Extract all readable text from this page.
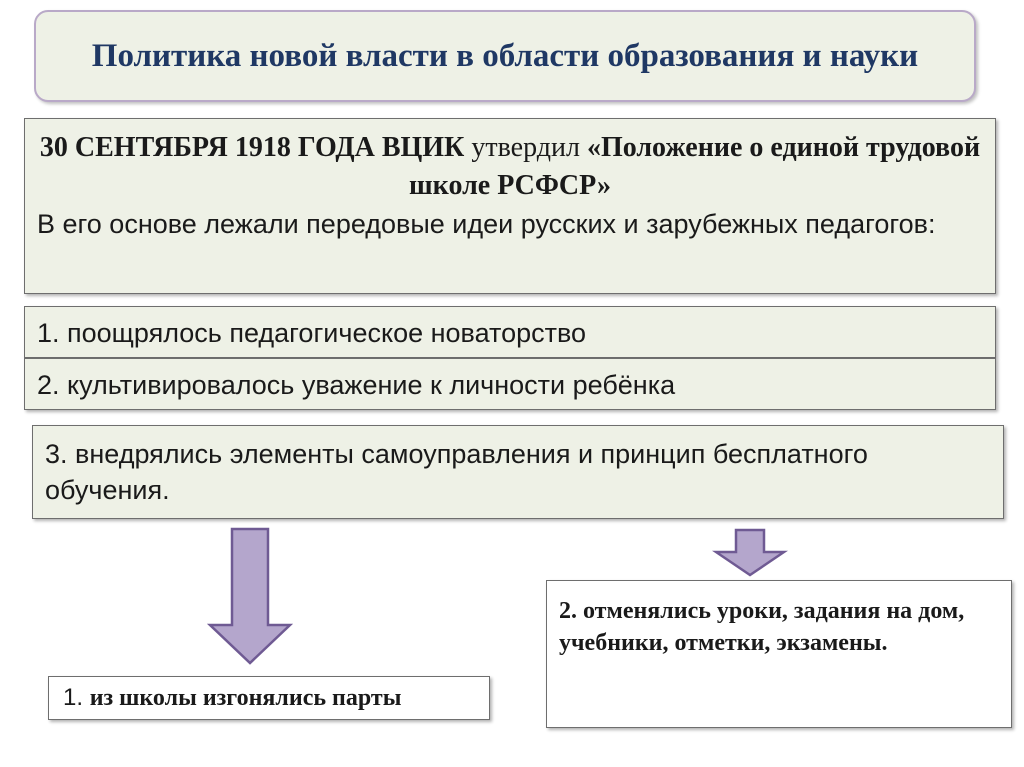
Политика новой власти в области образования и науки
30 СЕНТЯБРЯ 1918 ГОДА ВЦИК утвердил «Положение о единой трудовой школе РСФСР»
В его основе лежали передовые идеи русских и зарубежных педагогов:
1. поощрялось педагогическое новаторство
2. культивировалось уважение к личности ребёнка
3. внедрялись элементы самоуправления и принцип бесплатного обучения.
1. из школы изгонялись парты
2. отменялись уроки, задания на дом, учебники, отметки, экзамены.
